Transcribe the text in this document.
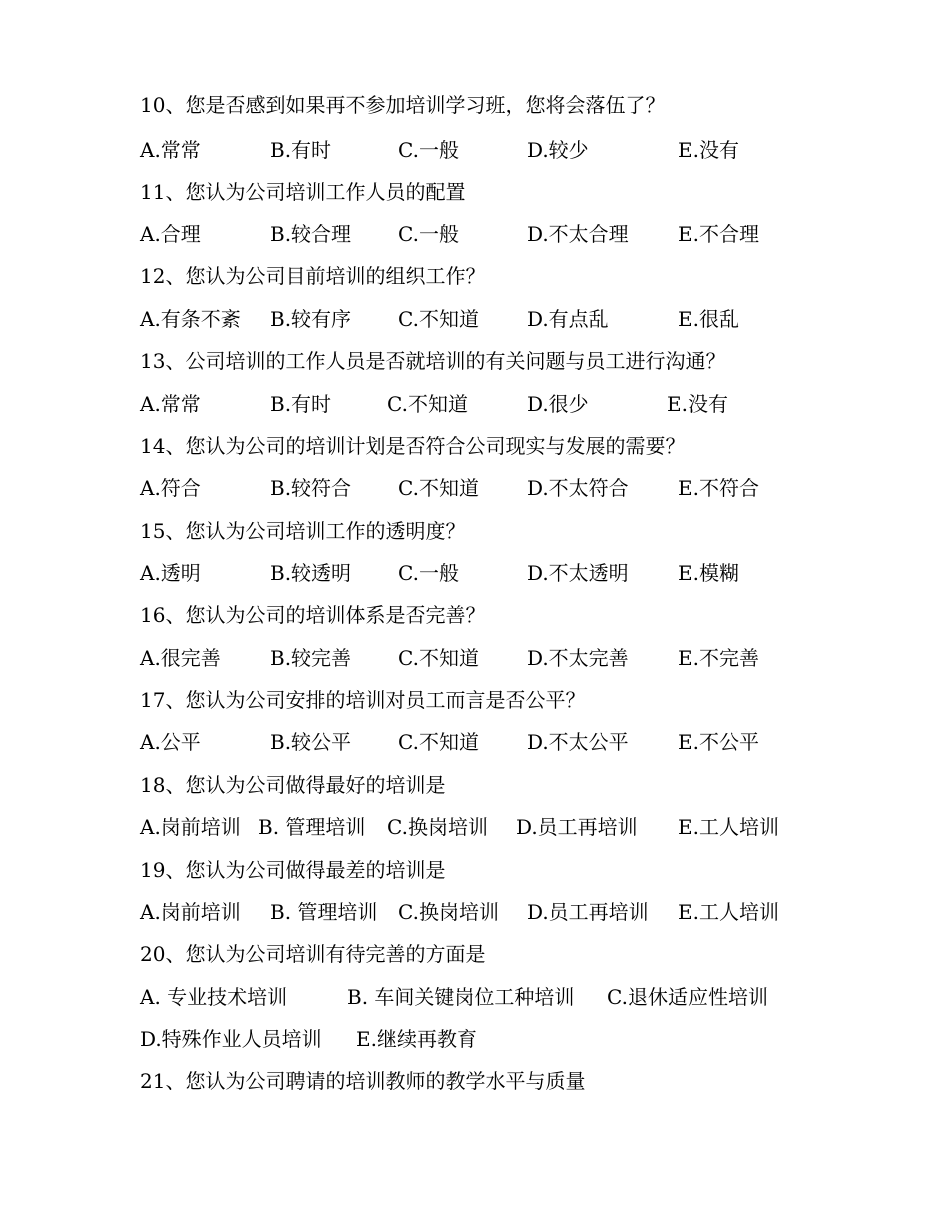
10、您是否感到如果再不参加培训学习班，您将会落伍了？
A.常常	B.有时	C.一般	D.较少	E.没有
11、您认为公司培训工作人员的配置
A.合理	B.较合理 C.一般	D.不太合理 E.不合理
12、您认为公司目前培训的组织工作？
A.有条不紊 B.较有序 C.不知道 D.有点乱	E.很乱
13、公司培训的工作人员是否就培训的有关问题与员工进行沟通？
A.常常	B.有时	C.不知道	D.很少	E.没有
14、您认为公司的培训计划是否符合公司现实与发展的需要？
A.符合	B.较符合 C.不知道 D.不太符合 E.不符合
15、您认为公司培训工作的透明度？
A.透明	B.较透明 C.一般	D.不太透明 E.模糊
16、您认为公司的培训体系是否完善？
A.很完善 B.较完善 C.不知道 D.不太完善 E.不完善
17、您认为公司安排的培训对员工而言是否公平？
A.公平	B.较公平 C.不知道 D.不太公平 E.不公平
18、您认为公司做得最好的培训是
A.岗前培训 B. 管理培训 C.换岗培训 D.员工再培训 E.工人培训
19、您认为公司做得最差的培训是
A.岗前培训 B. 管理培训 C.换岗培训 D.员工再培训 E.工人培训
20、您认为公司培训有待完善的方面是
A. 专业技术培训	B. 车间关键岗位工种培训 C.退休适应性培训
D.特殊作业人员培训 E.继续再教育
21、您认为公司聘请的培训教师的教学水平与质量
